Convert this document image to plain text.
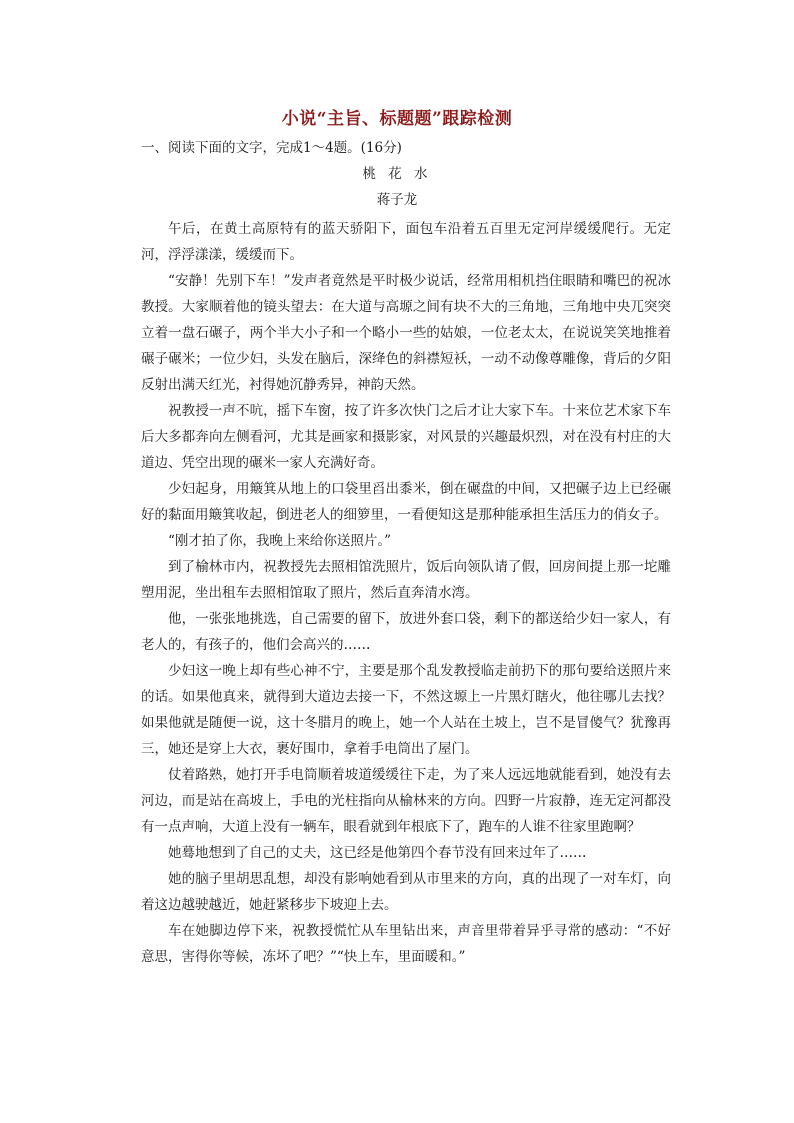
小说“主旨、标题题”跟踪检测

一、阅读下面的文字，完成1～4题。(16分)

桃 花 水

蒋子龙

午后，在黄土高原特有的蓝天骄阳下，面包车沿着五百里无定河岸缓缓爬行。无定河，浮浮漾漾，缓缓而下。

“安静！先别下车！”发声者竟然是平时极少说话，经常用相机挡住眼睛和嘴巴的祝冰教授。大家顺着他的镜头望去：在大道与高塬之间有块不大的三角地，三角地中央兀突突立着一盘石碾子，两个半大小子和一个略小一些的姑娘，一位老太太，在说说笑笑地推着碾子碾米；一位少妇，头发在脑后，深绛色的斜襟短袄，一动不动像尊雕像，背后的夕阳反射出满天红光，衬得她沉静秀异，神韵天然。

祝教授一声不吭，摇下车窗，按了许多次快门之后才让大家下车。十来位艺术家下车后大多都奔向左侧看河，尤其是画家和摄影家，对风景的兴趣最炽烈，对在没有村庄的大道边、凭空出现的碾米一家人充满好奇。

少妇起身，用簸箕从地上的口袋里舀出黍米，倒在碾盘的中间，又把碾子边上已经碾好的黏面用簸箕收起，倒进老人的细箩里，一看便知这是那种能承担生活压力的俏女子。

“刚才拍了你，我晚上来给你送照片。”

到了榆林市内，祝教授先去照相馆洗照片，饭后向领队请了假，回房间提上那一坨雕塑用泥，坐出租车去照相馆取了照片，然后直奔清水湾。

他，一张张地挑选，自己需要的留下，放进外套口袋，剩下的都送给少妇一家人，有老人的，有孩子的，他们会高兴的……

少妇这一晚上却有些心神不宁，主要是那个乱发教授临走前扔下的那句要给送照片来的话。如果他真来，就得到大道边去接一下，不然这塬上一片黑灯瞎火，他往哪儿去找？如果他就是随便一说，这十冬腊月的晚上，她一个人站在土坡上，岂不是冒傻气？犹豫再三，她还是穿上大衣，裹好围巾，拿着手电筒出了屋门。

仗着路熟，她打开手电筒顺着坡道缓缓往下走，为了来人远远地就能看到，她没有去河边，而是站在高坡上，手电的光柱指向从榆林来的方向。四野一片寂静，连无定河都没有一点声响，大道上没有一辆车，眼看就到年根底下了，跑车的人谁不往家里跑啊？

她蓦地想到了自己的丈夫，这已经是他第四个春节没有回来过年了……

她的脑子里胡思乱想，却没有影响她看到从市里来的方向，真的出现了一对车灯，向着这边越驶越近，她赶紧移步下坡迎上去。

车在她脚边停下来，祝教授慌忙从车里钻出来，声音里带着异乎寻常的感动：“不好意思，害得你等候，冻坏了吧？”“快上车，里面暖和。”
